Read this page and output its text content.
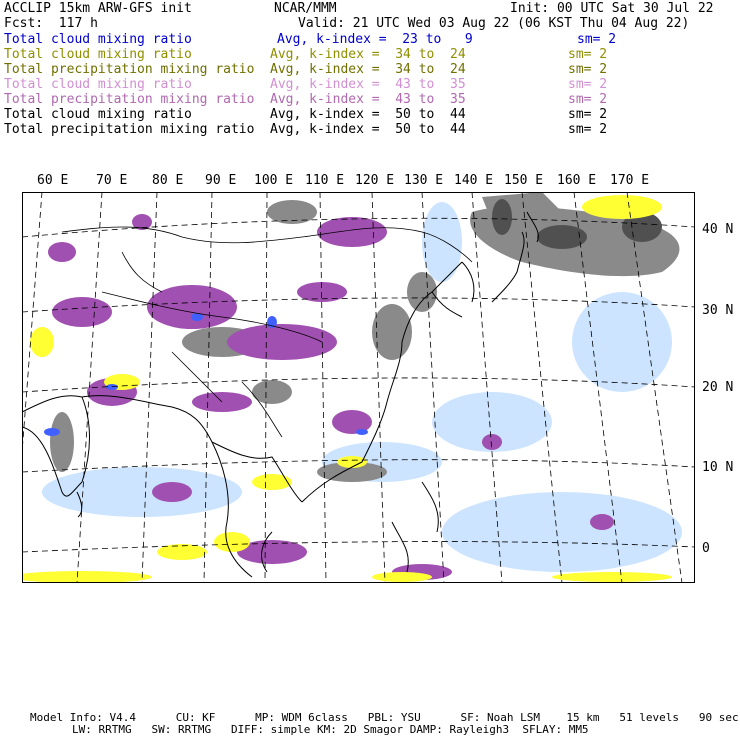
ACCLIP 15km ARW-GFS init	NCAR/MMM	Init: 00 UTC Sat 30 Jul 22
Fcst:  117 h	Valid: 21 UTC Wed 03 Aug 22 (06 KST Thu 04 Aug 22)
Total cloud mixing ratio	Avg, k-index =  23 to   9	sm= 2
Total cloud mixing ratio	Avg, k-index =  34 to  24	sm= 2
Total precipitation mixing ratio Avg, k-index =  34 to  24	sm= 2
Total cloud mixing ratio	Avg, k-index =  43 to  35	sm= 2
Total precipitation mixing ratio Avg, k-index =  43 to  35	sm= 2
Total cloud mixing ratio	Avg, k-index =  50 to  44	sm= 2
Total precipitation mixing ratio Avg, k-index =  50 to  44	sm= 2
60 E 70 E 80 E 90 E 100 E 110 E 120 E 130 E 140 E 150 E 160 E 170 E
40 N
30 N
20 N
10 N
0
Model Info: V4.4      CU: KF      MP: WDM 6class   PBL: YSU      SF: Noah LSM    15 km   51 levels   90 sec
LW: RRTMG   SW: RRTMG   DIFF: simple KM: 2D Smagor DAMP: Rayleigh3  SFLAY: MM5
